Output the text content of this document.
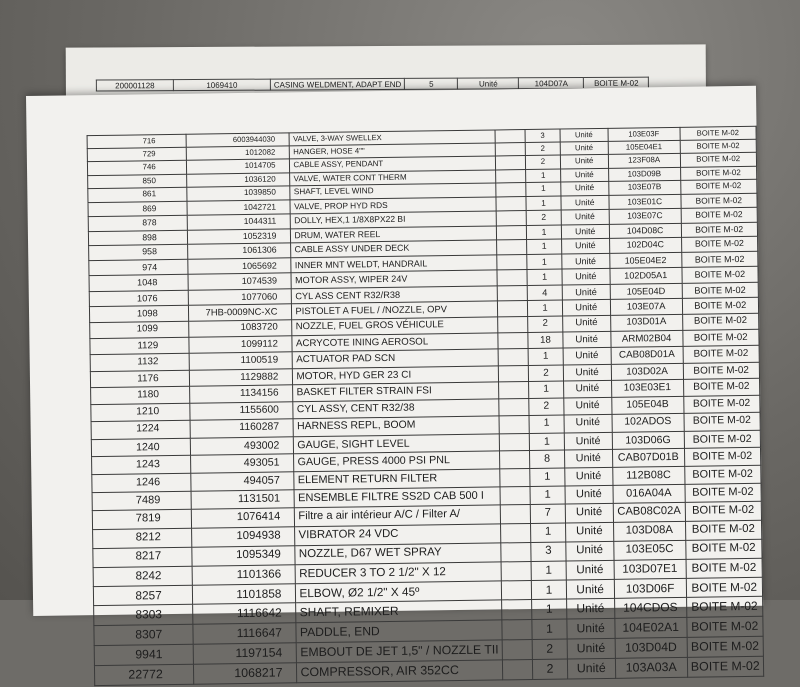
200001128	1069410	CASING WELDMENT, ADAPT END	5	Unité	104D07A	BOITE M-02
716	6003944030	VALVE, 3-WAY SWELLEX		3	Unité	103E03F	BOITE M-02
729	1012082	HANGER, HOSE 4""		2	Unité	105E04E1	BOITE M-02
746	1014705	CABLE ASSY, PENDANT		2	Unité	123F08A	BOITE M-02
850	1036120	VALVE, WATER CONT THERM		1	Unité	103D09B	BOITE M-02
861	1039850	SHAFT, LEVEL WIND		1	Unité	103E07B	BOITE M-02
869	1042721	VALVE, PROP HYD RDS		1	Unité	103E01C	BOITE M-02
878	1044311	DOLLY, HEX,1 1/8X8PX22 BI		2	Unité	103E07C	BOITE M-02
898	1052319	DRUM, WATER REEL		1	Unité	104D08C	BOITE M-02
958	1061306	CABLE ASSY UNDER DECK		1	Unité	102D04C	BOITE M-02
974	1065692	INNER MNT WELDT, HANDRAIL		1	Unité	105E04E2	BOITE M-02
1048	1074539	MOTOR ASSY, WIPER 24V		1	Unité	102D05A1	BOITE M-02
1076	1077060	CYL ASS CENT R32/R38		4	Unité	105E04D	BOITE M-02
1098	7HB-0009NC-XC	PISTOLET A FUEL / /NOZZLE, OPV		1	Unité	103E07A	BOITE M-02
1099	1083720	NOZZLE, FUEL GROS VÉHICULE		2	Unité	103D01A	BOITE M-02
1129	1099112	ACRYCOTE INING AEROSOL		18	Unité	ARM02B04	BOITE M-02
1132	1100519	ACTUATOR PAD SCN		1	Unité	CAB08D01A	BOITE M-02
1176	1129882	MOTOR, HYD GER 23 CI		2	Unité	103D02A	BOITE M-02
1180	1134156	BASKET FILTER STRAIN FSI		1	Unité	103E03E1	BOITE M-02
1210	1155600	CYL ASSY, CENT R32/38		2	Unité	105E04B	BOITE M-02
1224	1160287	HARNESS REPL, BOOM		1	Unité	102ADOS	BOITE M-02
1240	493002	GAUGE, SIGHT LEVEL		1	Unité	103D06G	BOITE M-02
1243	493051	GAUGE, PRESS 4000 PSI PNL		8	Unité	CAB07D01B	BOITE M-02
1246	494057	ELEMENT RETURN FILTER		1	Unité	112B08C	BOITE M-02
7489	1131501	ENSEMBLE FILTRE SS2D CAB 500 I		1	Unité	016A04A	BOITE M-02
7819	1076414	Filtre a air intérieur A/C / Filter A/		7	Unité	CAB08C02A	BOITE M-02
8212	1094938	VIBRATOR 24 VDC		1	Unité	103D08A	BOITE M-02
8217	1095349	NOZZLE, D67 WET SPRAY		3	Unité	103E05C	BOITE M-02
8242	1101366	REDUCER 3 TO 2 1/2" X 12		1	Unité	103D07E1	BOITE M-02
8257	1101858	ELBOW, Ø2 1/2" X 45º		1	Unité	103D06F	BOITE M-02
8303	1116642	SHAFT, REMIXER		1	Unité	104CDOS	BOITE M-02
8307	1116647	PADDLE, END		1	Unité	104E02A1	BOITE M-02
9941	1197154	EMBOUT DE JET 1,5" / NOZZLE TII		2	Unité	103D04D	BOITE M-02
22772	1068217	COMPRESSOR, AIR 352CC		2	Unité	103A03A	BOITE M-02
